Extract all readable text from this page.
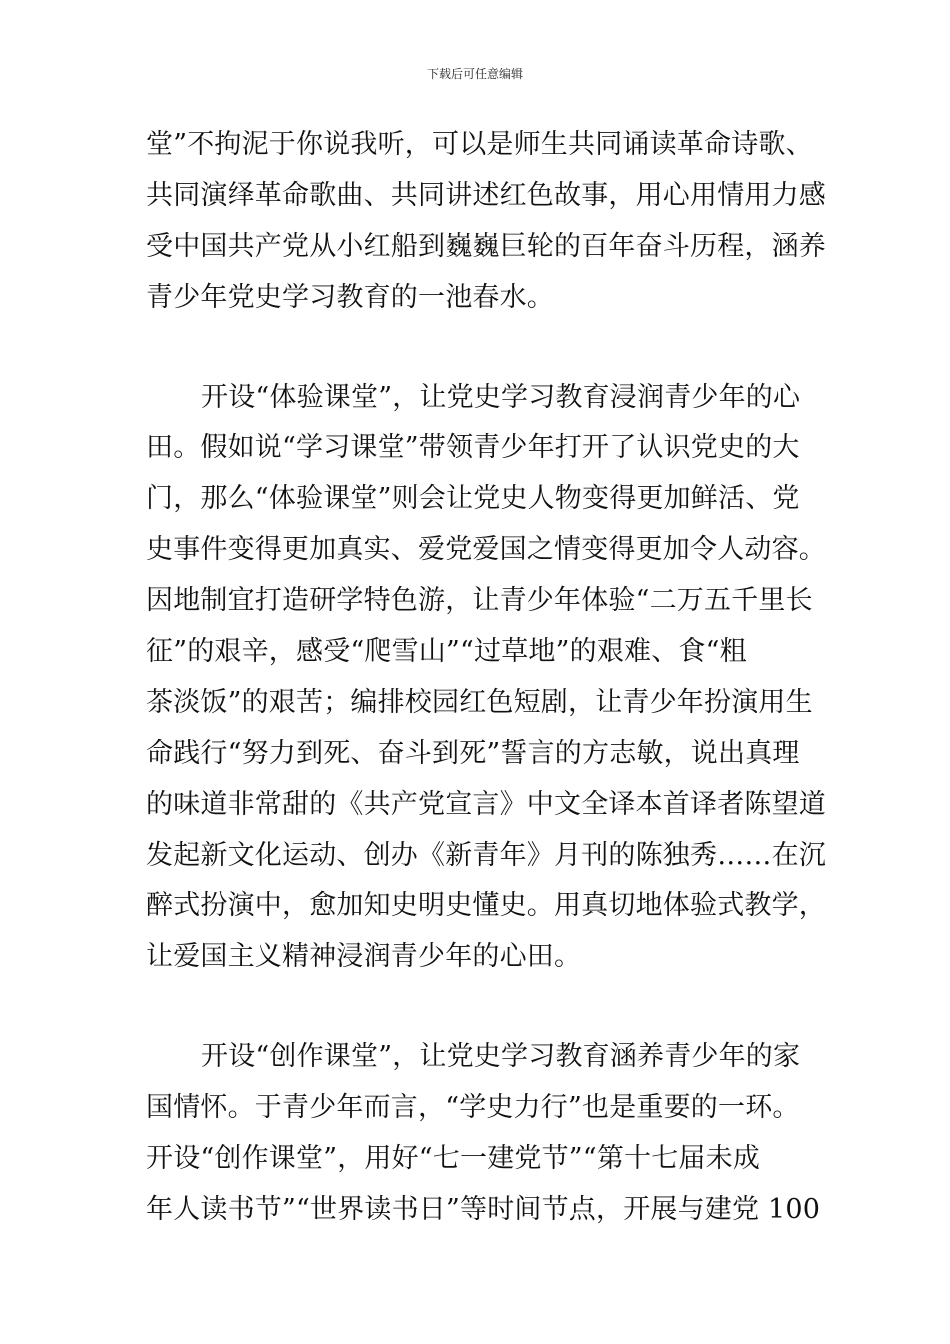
下载后可任意编辑
堂”不拘泥于你说我听，可以是师生共同诵读革命诗歌、
共同演绎革命歌曲、共同讲述红色故事，用心用情用力感
受中国共产党从小红船到巍巍巨轮的百年奋斗历程，涵养
青少年党史学习教育的一池春水。
开设“体验课堂”，让党史学习教育浸润青少年的心
田。假如说“学习课堂”带领青少年打开了认识党史的大
门，那么“体验课堂”则会让党史人物变得更加鲜活、党
史事件变得更加真实、爱党爱国之情变得更加令人动容。
因地制宜打造研学特色游，让青少年体验“二万五千里长
征”的艰辛，感受“爬雪山”“过草地”的艰难、食“粗
茶淡饭”的艰苦；编排校园红色短剧，让青少年扮演用生
命践行“努力到死、奋斗到死”誓言的方志敏，说出真理
的味道非常甜的《共产党宣言》中文全译本首译者陈望道
发起新文化运动、创办《新青年》月刊的陈独秀……在沉
醉式扮演中，愈加知史明史懂史。用真切地体验式教学，
让爱国主义精神浸润青少年的心田。
开设“创作课堂”，让党史学习教育涵养青少年的家
国情怀。于青少年而言，“学史力行”也是重要的一环。
开设“创作课堂”，用好“七一建党节”“第十七届未成
年人读书节”“世界读书日”等时间节点，开展与建党 100
